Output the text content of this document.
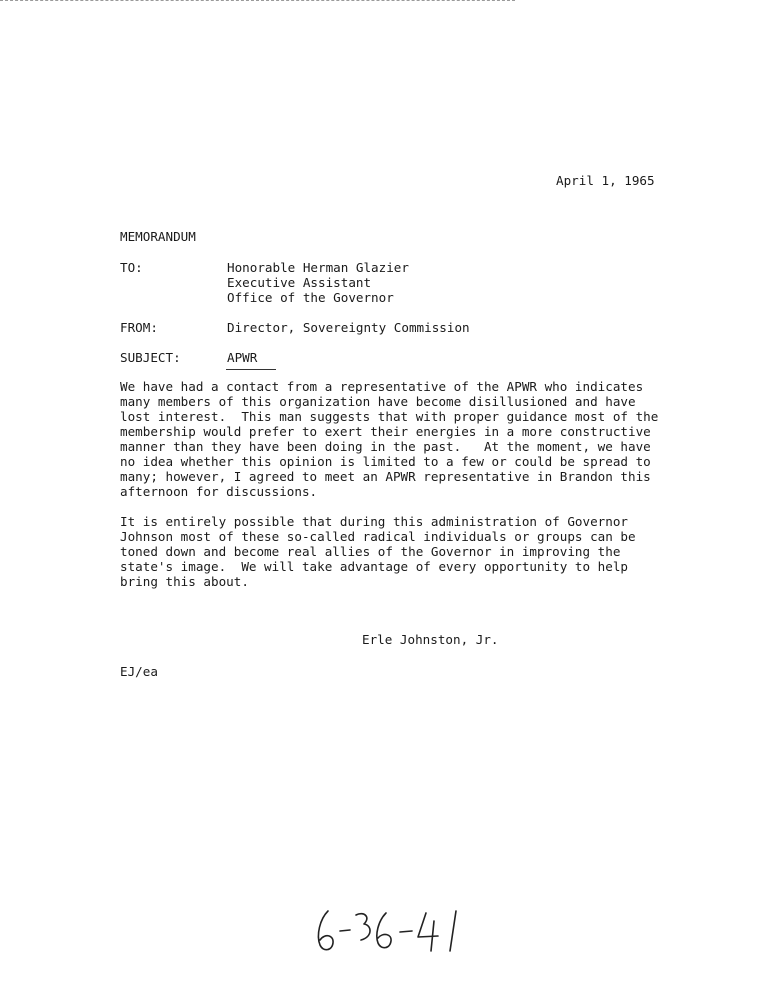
April 1, 1965
MEMORANDUM
TO:	Honorable Herman Glazier
Executive Assistant
Office of the Governor
FROM:	Director, Sovereignty Commission
SUBJECT:	APWR
We have had a contact from a representative of the APWR who indicates
many members of this organization have become disillusioned and have
lost interest.  This man suggests that with proper guidance most of the
membership would prefer to exert their energies in a more constructive
manner than they have been doing in the past.   At the moment, we have
no idea whether this opinion is limited to a few or could be spread to
many; however, I agreed to meet an APWR representative in Brandon this
afternoon for discussions.
It is entirely possible that during this administration of Governor
Johnson most of these so-called radical individuals or groups can be
toned down and become real allies of the Governor in improving the
state's image.  We will take advantage of every opportunity to help
bring this about.
Erle Johnston, Jr.
EJ/ea
